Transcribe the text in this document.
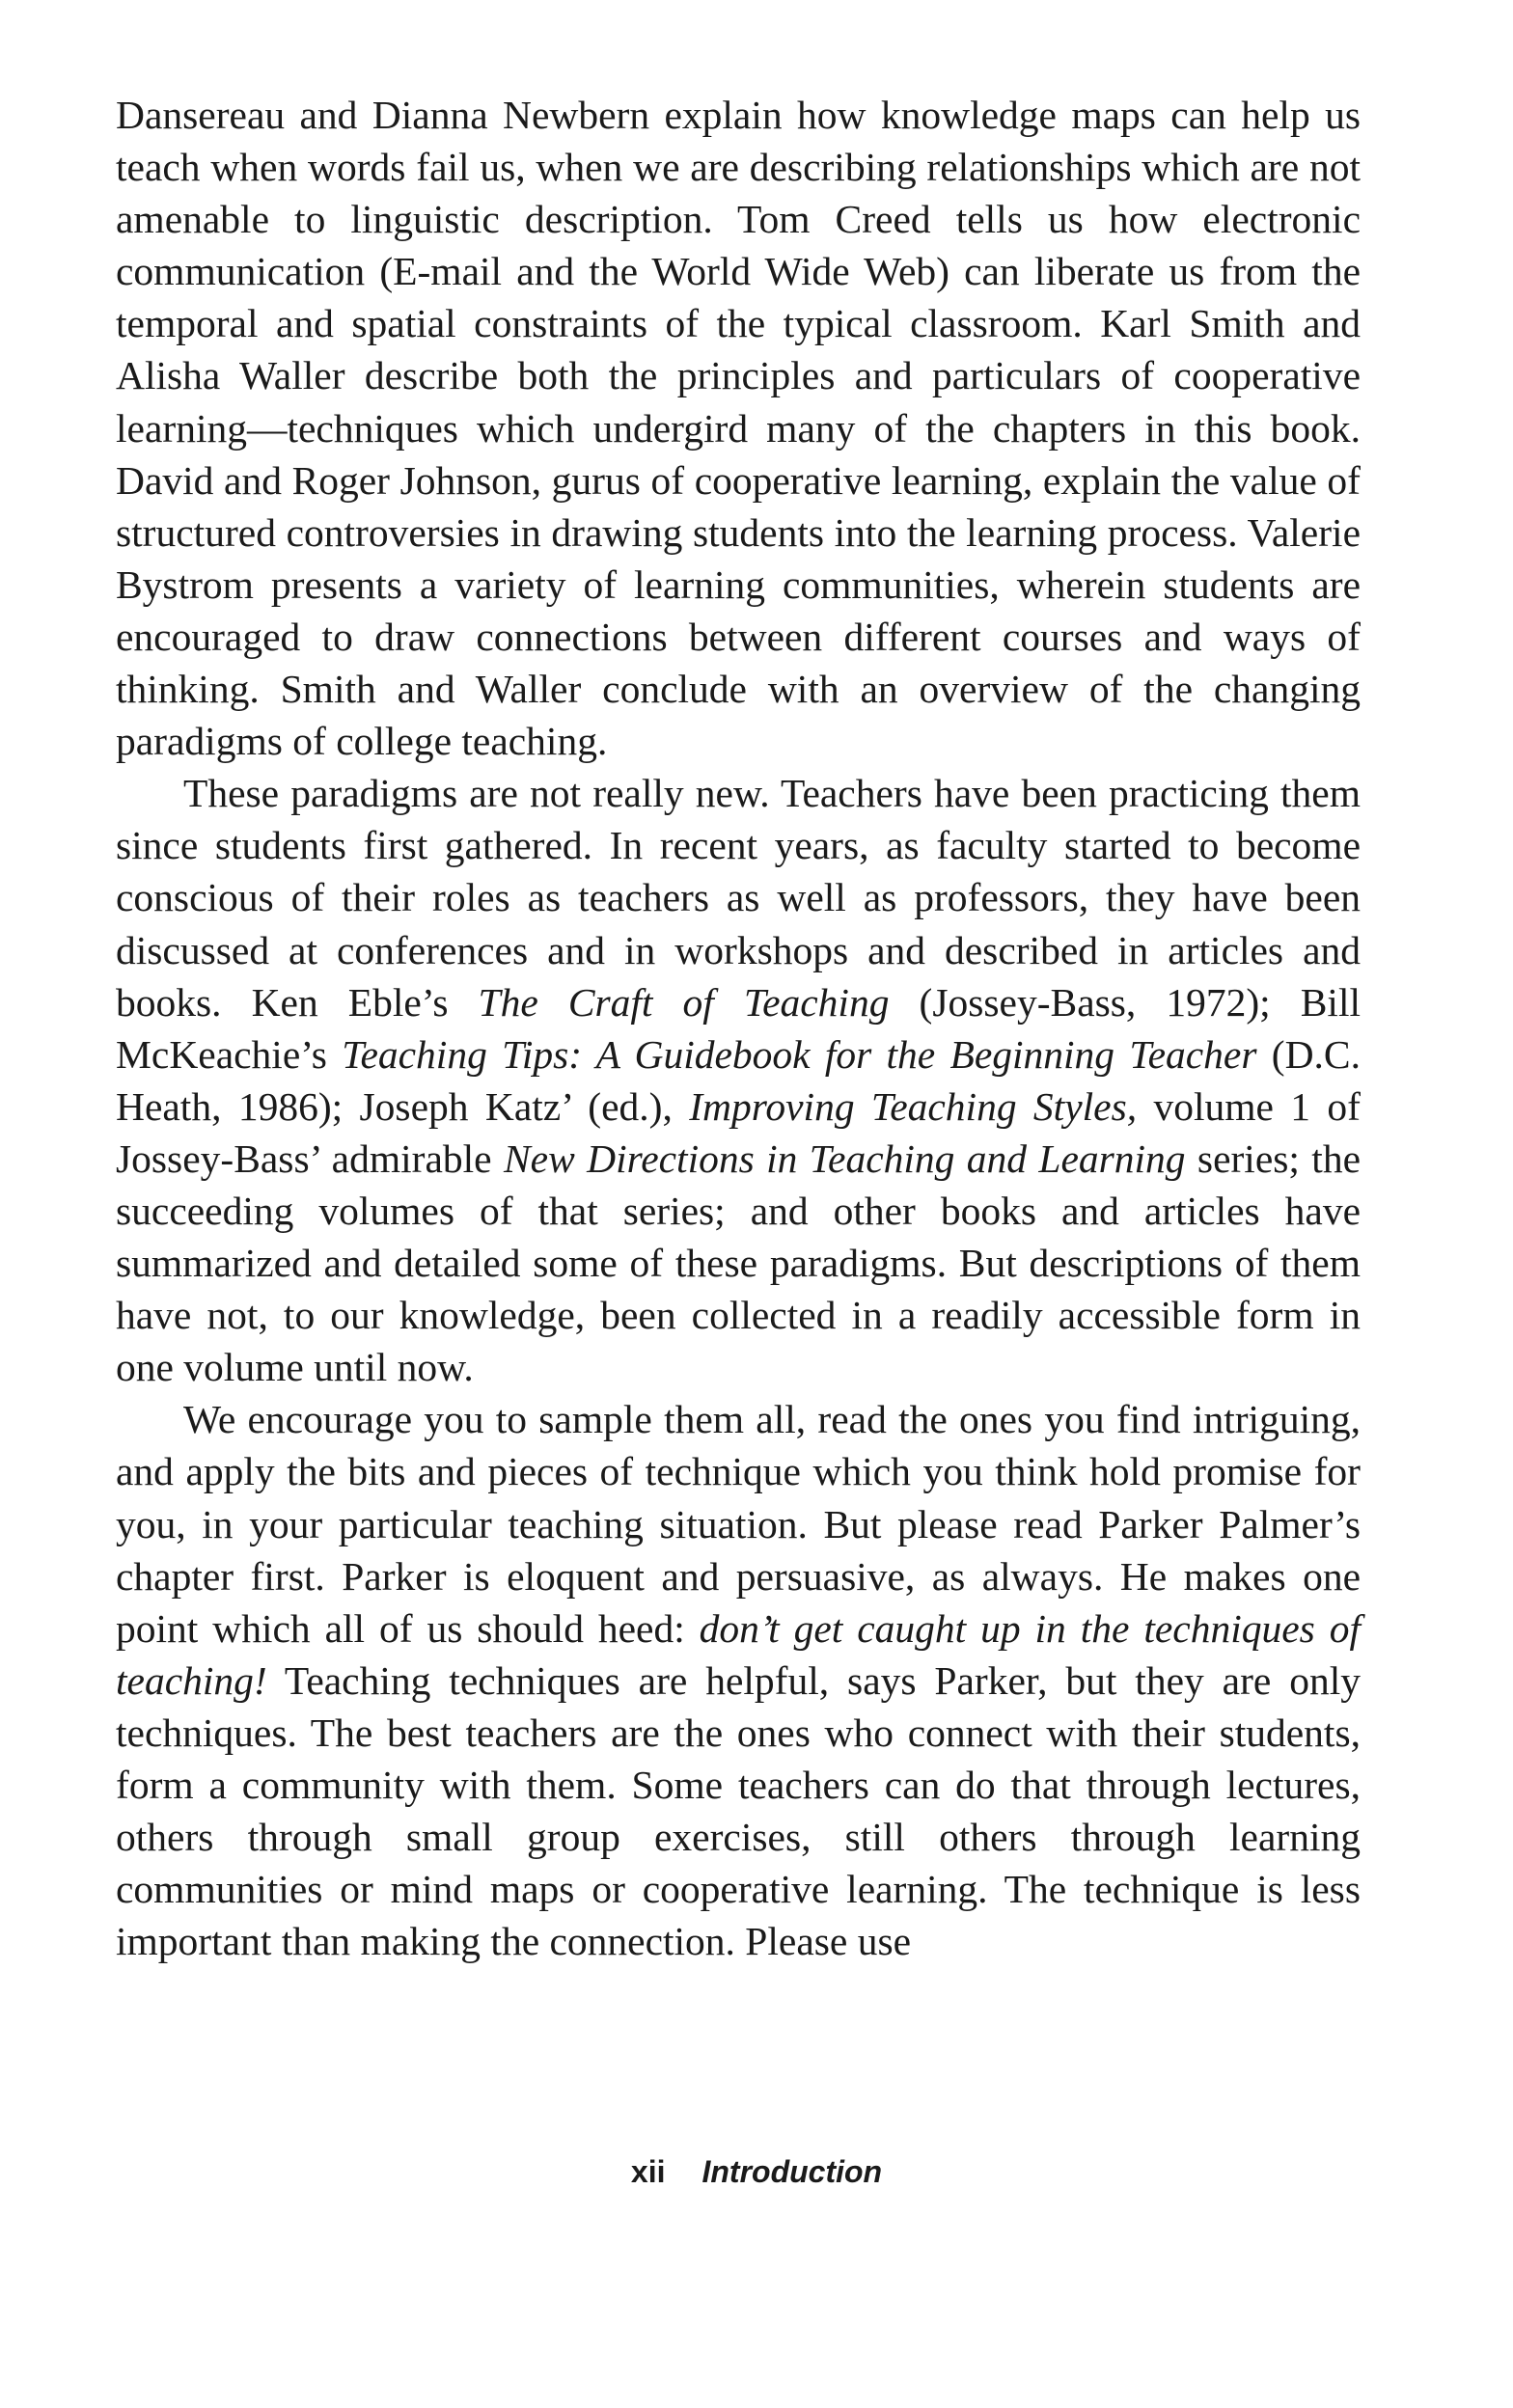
Dansereau and Dianna Newbern explain how knowledge maps can help us teach when words fail us, when we are describing relationships which are not amenable to linguistic description. Tom Creed tells us how electronic communication (E-mail and the World Wide Web) can liberate us from the temporal and spatial constraints of the typical classroom. Karl Smith and Alisha Waller describe both the principles and particulars of cooperative learning—techniques which undergird many of the chapters in this book. David and Roger Johnson, gurus of cooperative learning, explain the value of structured controversies in drawing students into the learning process. Valerie Bystrom presents a variety of learning communities, wherein students are encouraged to draw connections between different courses and ways of thinking. Smith and Waller conclude with an overview of the changing paradigms of college teaching.

These paradigms are not really new. Teachers have been practicing them since students first gathered. In recent years, as faculty started to become conscious of their roles as teachers as well as professors, they have been discussed at conferences and in workshops and described in articles and books. Ken Eble’s The Craft of Teaching (Jossey-Bass, 1972); Bill McKeachie’s Teaching Tips: A Guidebook for the Beginning Teacher (D.C. Heath, 1986); Joseph Katz’ (ed.), Improving Teaching Styles, volume 1 of Jossey-Bass’ admirable New Directions in Teaching and Learning series; the succeeding volumes of that series; and other books and articles have summarized and detailed some of these paradigms. But descriptions of them have not, to our knowledge, been collected in a readily accessible form in one volume until now.

We encourage you to sample them all, read the ones you find intriguing, and apply the bits and pieces of technique which you think hold promise for you, in your particular teaching situation. But please read Parker Palmer’s chapter first. Parker is eloquent and persuasive, as always. He makes one point which all of us should heed: don’t get caught up in the techniques of teaching! Teaching techniques are helpful, says Parker, but they are only techniques. The best teachers are the ones who connect with their students, form a community with them. Some teachers can do that through lectures, others through small group exercises, still others through learning communities or mind maps or cooperative learning. The technique is less important than making the connection. Please use

xii Introduction
